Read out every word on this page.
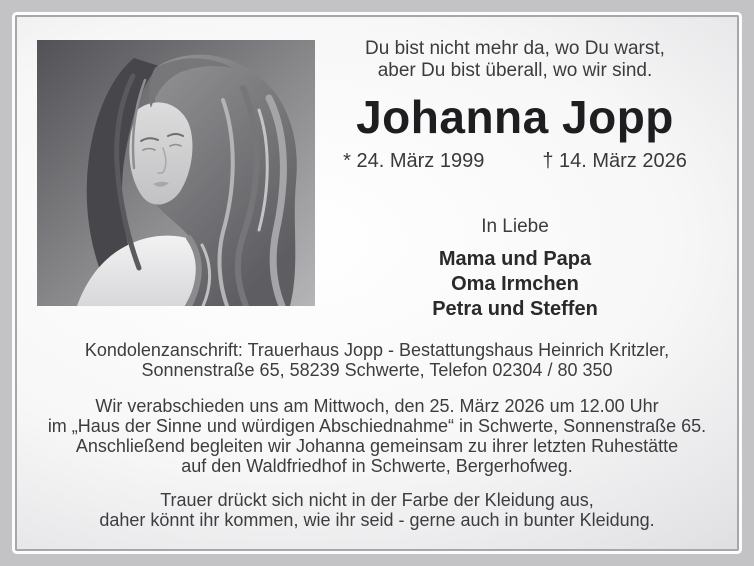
Du bist nicht mehr da, wo Du warst,
aber Du bist überall, wo wir sind.
Johanna Jopp
* 24. März 1999	† 14. März 2026
In Liebe
Mama und Papa
Oma Irmchen
Petra und Steffen
Kondolenzanschrift: Trauerhaus Jopp - Bestattungshaus Heinrich Kritzler,
Sonnenstraße 65, 58239 Schwerte, Telefon 02304 / 80 350
Wir verabschieden uns am Mittwoch, den 25. März 2026 um 12.00 Uhr
im „Haus der Sinne und würdigen Abschiednahme“ in Schwerte, Sonnenstraße 65.
Anschließend begleiten wir Johanna gemeinsam zu ihrer letzten Ruhestätte
auf den Waldfriedhof in Schwerte, Bergerhofweg.
Trauer drückt sich nicht in der Farbe der Kleidung aus,
daher könnt ihr kommen, wie ihr seid - gerne auch in bunter Kleidung.
